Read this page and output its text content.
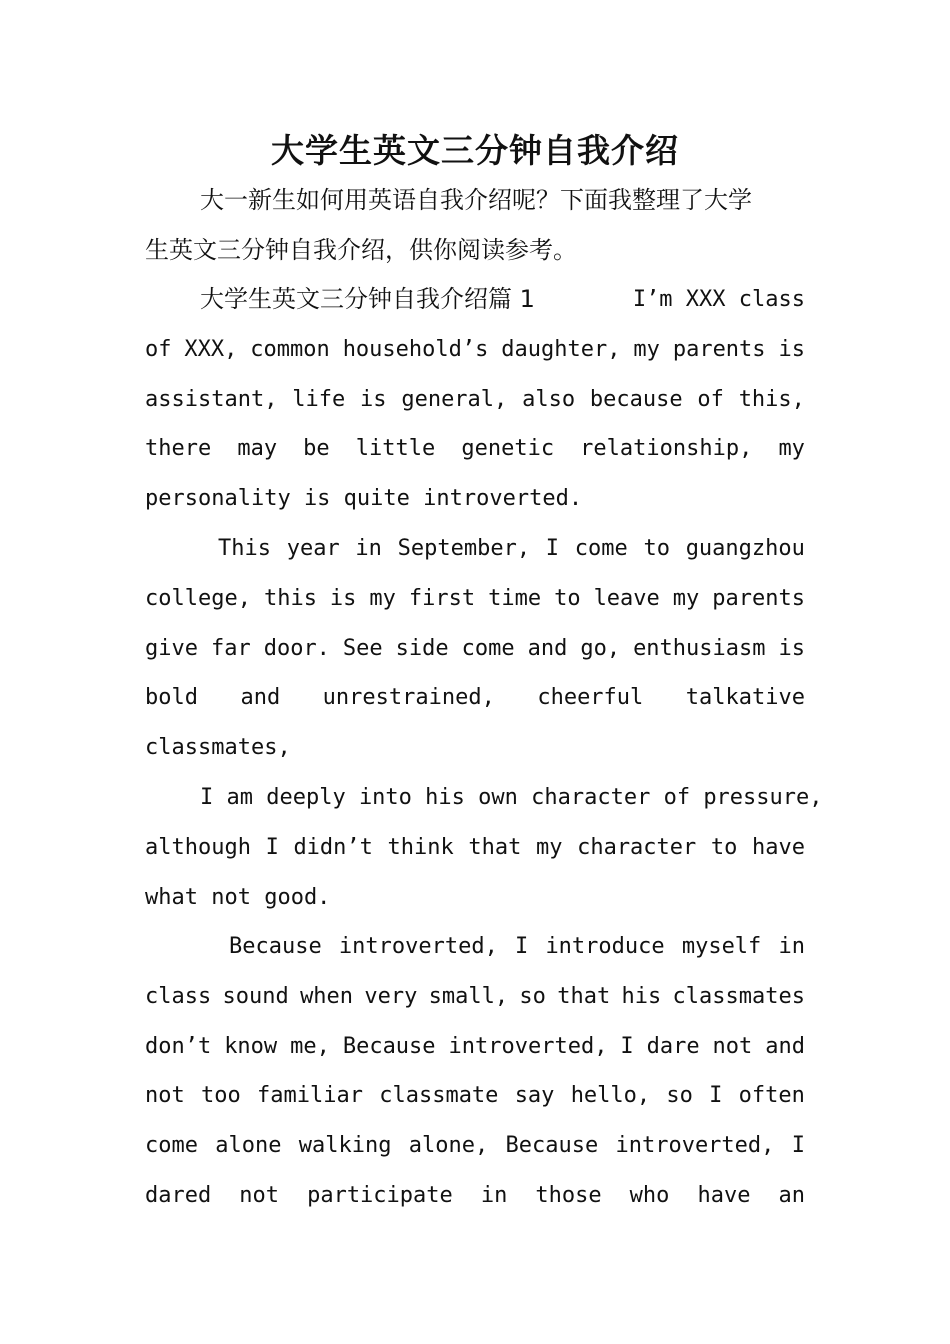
大学生英文三分钟自我介绍
大一新生如何用英语自我介绍呢？下面我整理了大学
生英文三分钟自我介绍，供你阅读参考。
大学生英文三分钟自我介绍篇 1	I’m XXX class
of XXX, common household’s daughter, my parents is
assistant, life is general, also because of this,
there may be little genetic relationship, my
personality is quite introverted.
This year in September, I come to guangzhou
college, this is my first time to leave my parents
give far door. See side come and go, enthusiasm is
bold and unrestrained, cheerful talkative
classmates,
I am deeply into his own character of pressure,
although I didn’t think that my character to have
what not good.
Because introverted, I introduce myself in
class sound when very small, so that his classmates
don’t know me, Because introverted, I dare not and
not too familiar classmate say hello, so I often
come alone walking alone, Because introverted, I
dared not participate in those who have an
